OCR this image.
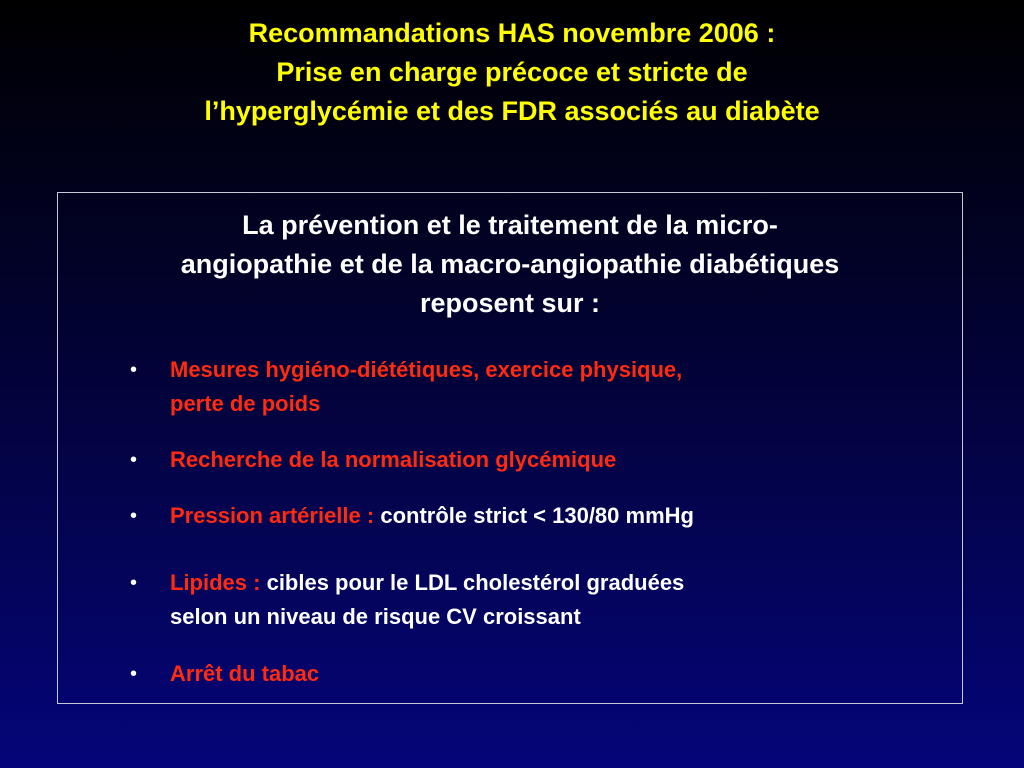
Recommandations HAS novembre 2006 :
Prise en charge précoce et stricte de
l’hyperglycémie et des FDR associés au diabète
La prévention et le traitement de la micro-
angiopathie et de la macro-angiopathie diabétiques
reposent sur :
• Mesures hygiéno-diététiques, exercice physique,
perte de poids
• Recherche de la normalisation glycémique
• Pression artérielle : contrôle strict < 130/80 mmHg
• Lipides : cibles pour le LDL cholestérol graduées
selon un niveau de risque CV croissant
• Arrêt du tabac
